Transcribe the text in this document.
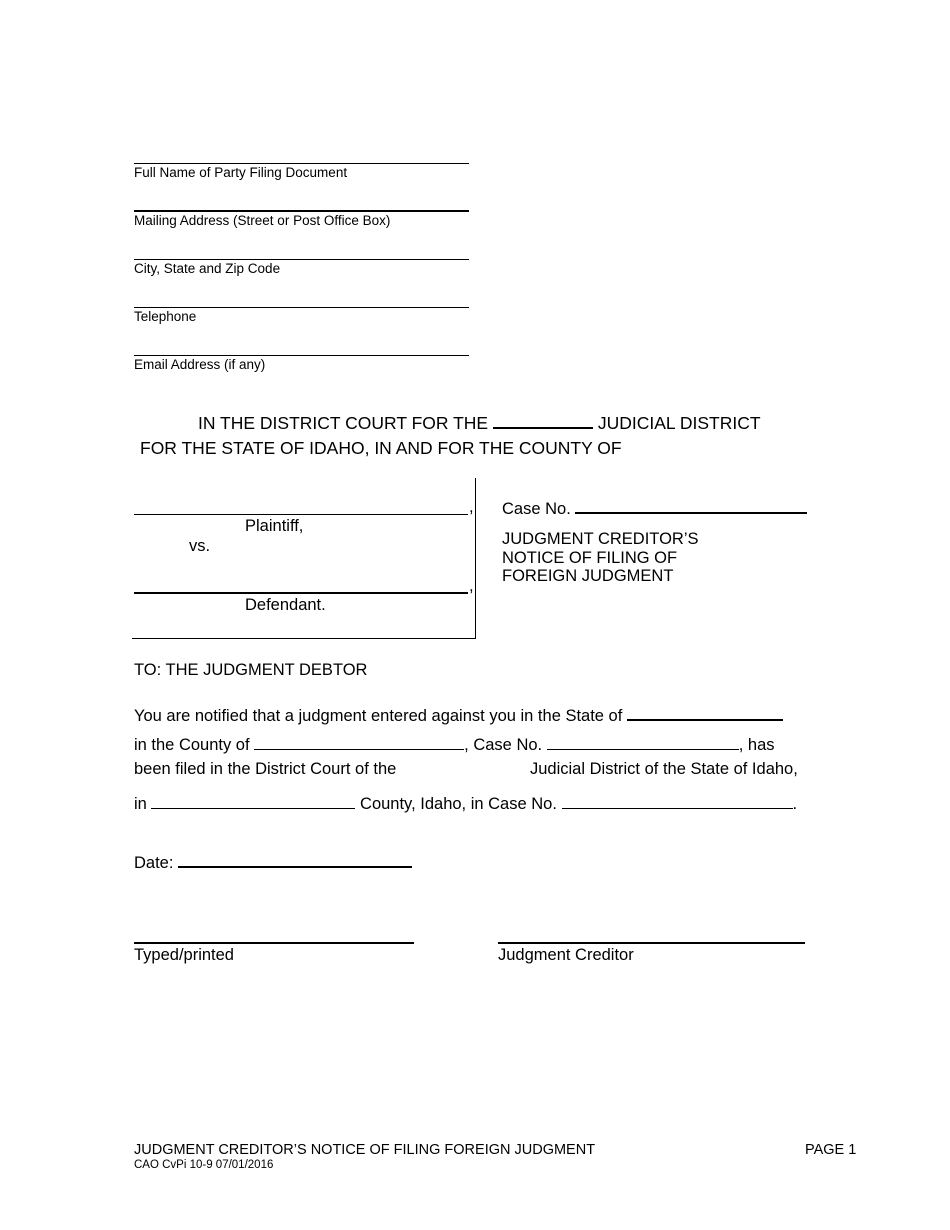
Full Name of Party Filing Document
Mailing Address (Street or Post Office Box)
City, State and Zip Code
Telephone
Email Address (if any)
IN THE DISTRICT COURT FOR THE	JUDICIAL DISTRICT
FOR THE STATE OF IDAHO, IN AND FOR THE COUNTY OF
,
Plaintiff,
vs.
,
Defendant.
Case No.
JUDGMENT CREDITOR’S
NOTICE OF FILING OF
FOREIGN JUDGMENT
TO: THE JUDGMENT DEBTOR
You are notified that a judgment entered against you in the State of
in the County of	, Case No.	, has
been filed in the District Court of the	Judicial District of the State of Idaho,
in	County, Idaho, in Case No.	.
Date:
Typed/printed	Judgment Creditor
JUDGMENT CREDITOR’S NOTICE OF FILING FOREIGN JUDGMENT	PAGE 1
CAO CvPi 10-9 07/01/2016
